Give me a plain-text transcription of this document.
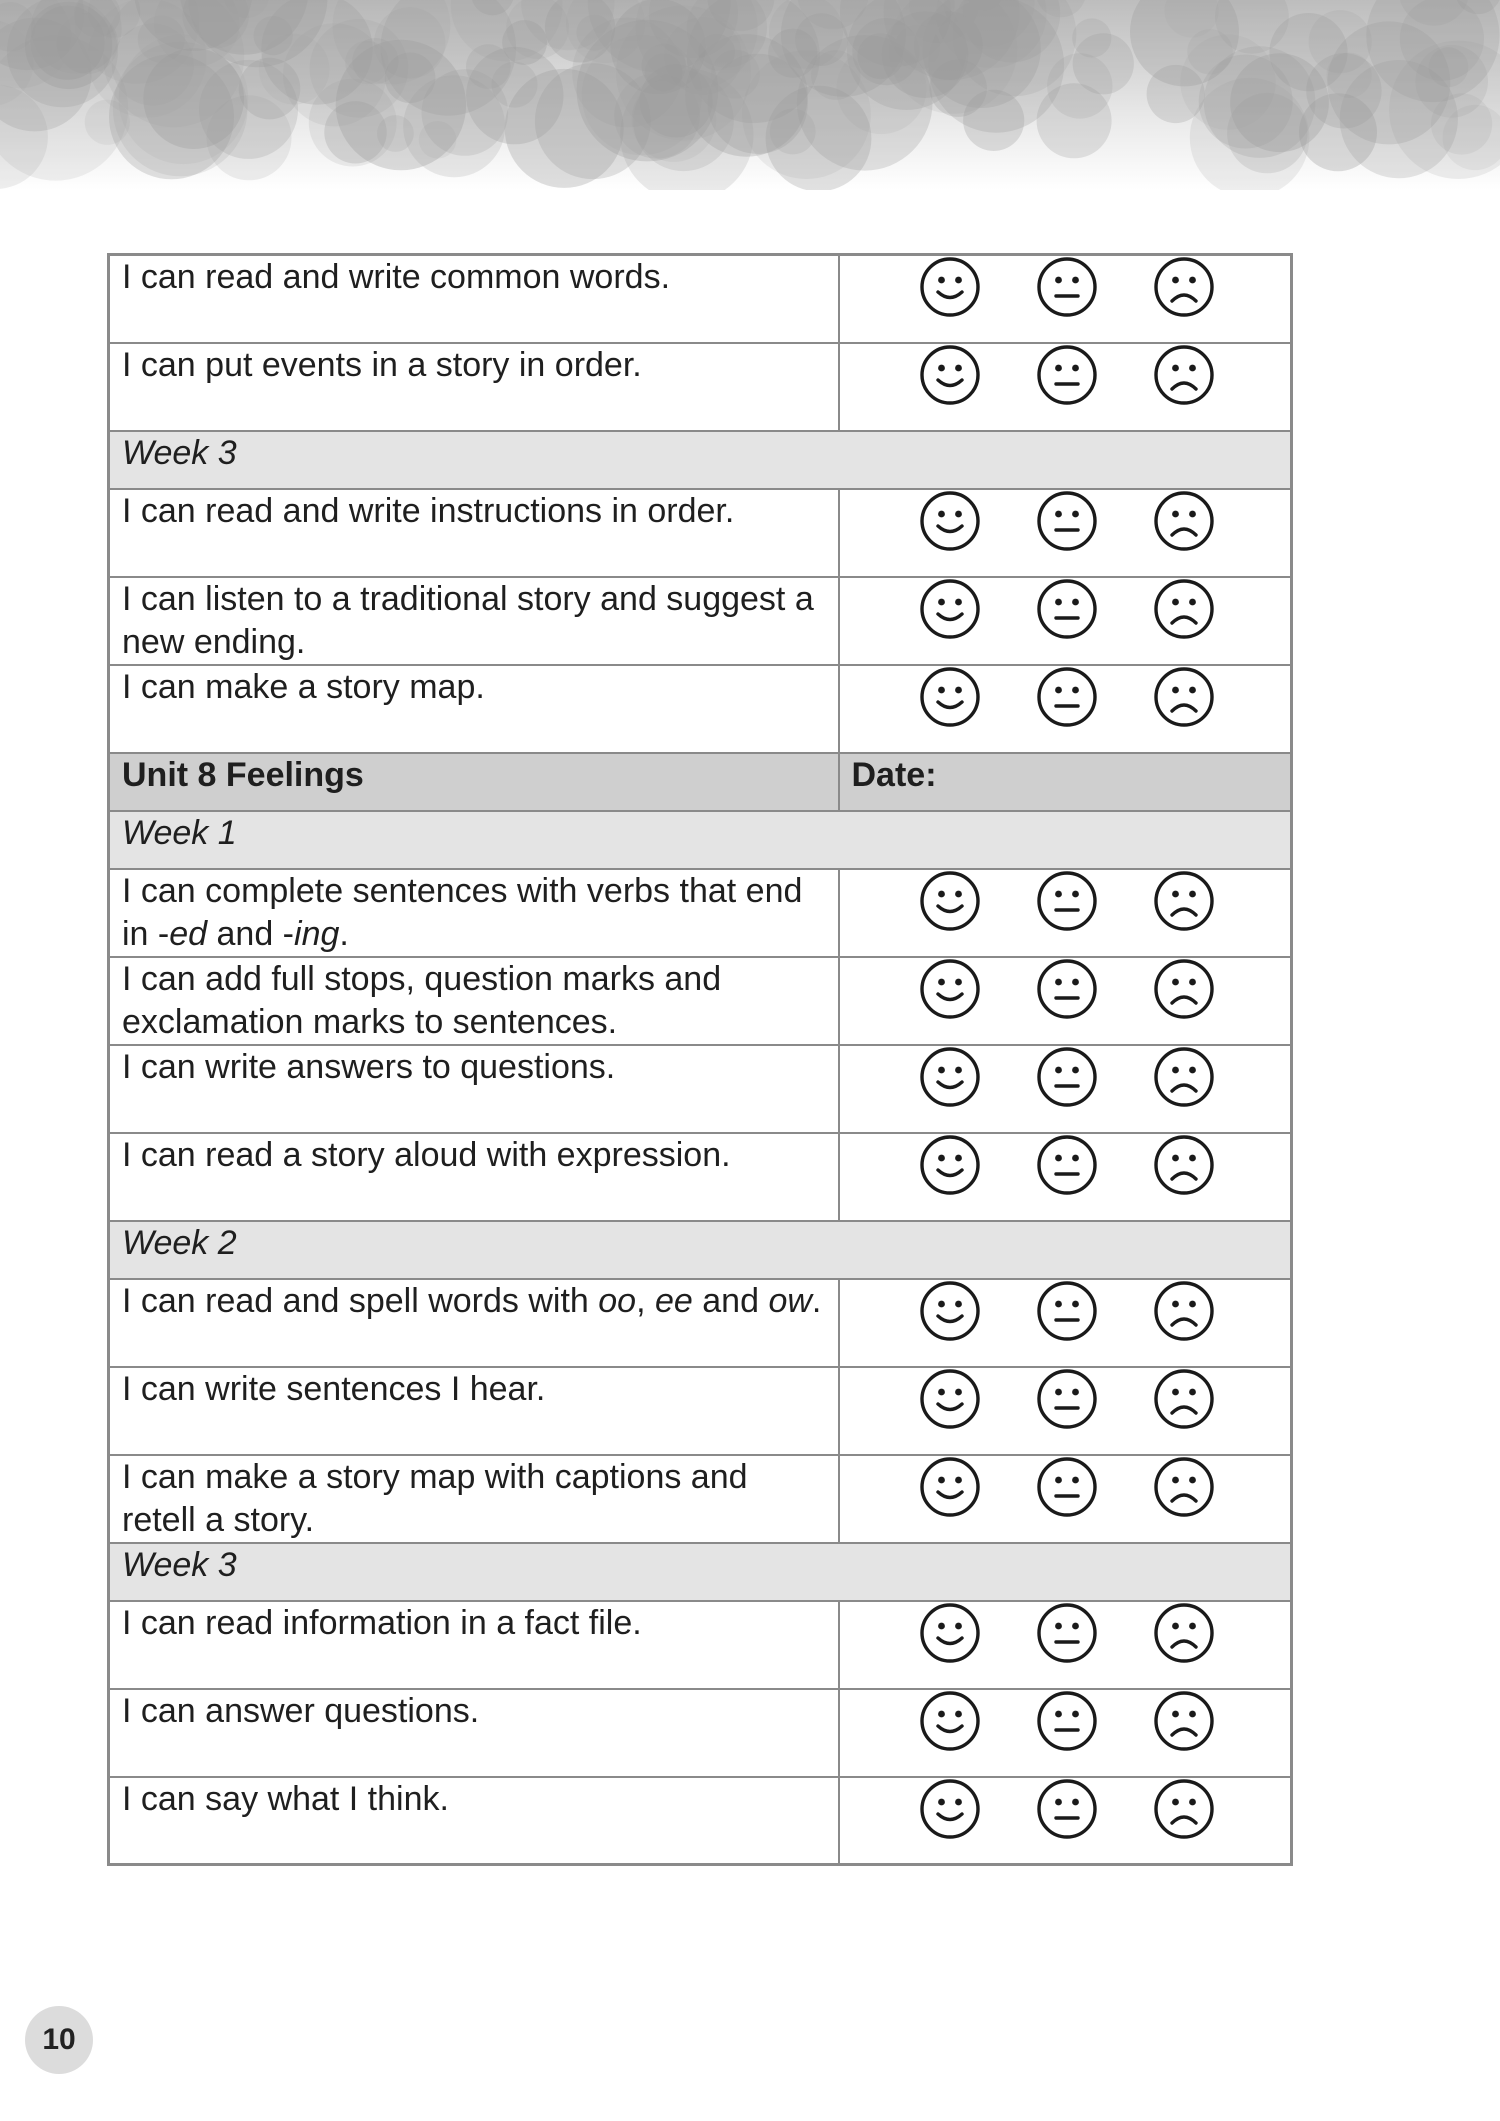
I can read and write common words.	

I can put events in a story in order.	

Week 3	
I can read and write instructions in order.	

I can listen to a traditional story and suggest a new ending.	

I can make a story map.	

Unit 8 Feelings	Date:
Week 1	
I can complete sentences with verbs that end in -ed and -ing.	

I can add full stops, question marks and exclamation marks to sentences.	

I can write answers to questions.	

I can read a story aloud with expression.	

Week 2	
I can read and spell words with oo, ee and ow.	

I can write sentences I hear.	

I can make a story map with captions and retell a story.	

Week 3	
I can read information in a fact file.	

I can answer questions.	

I can say what I think.	
10
